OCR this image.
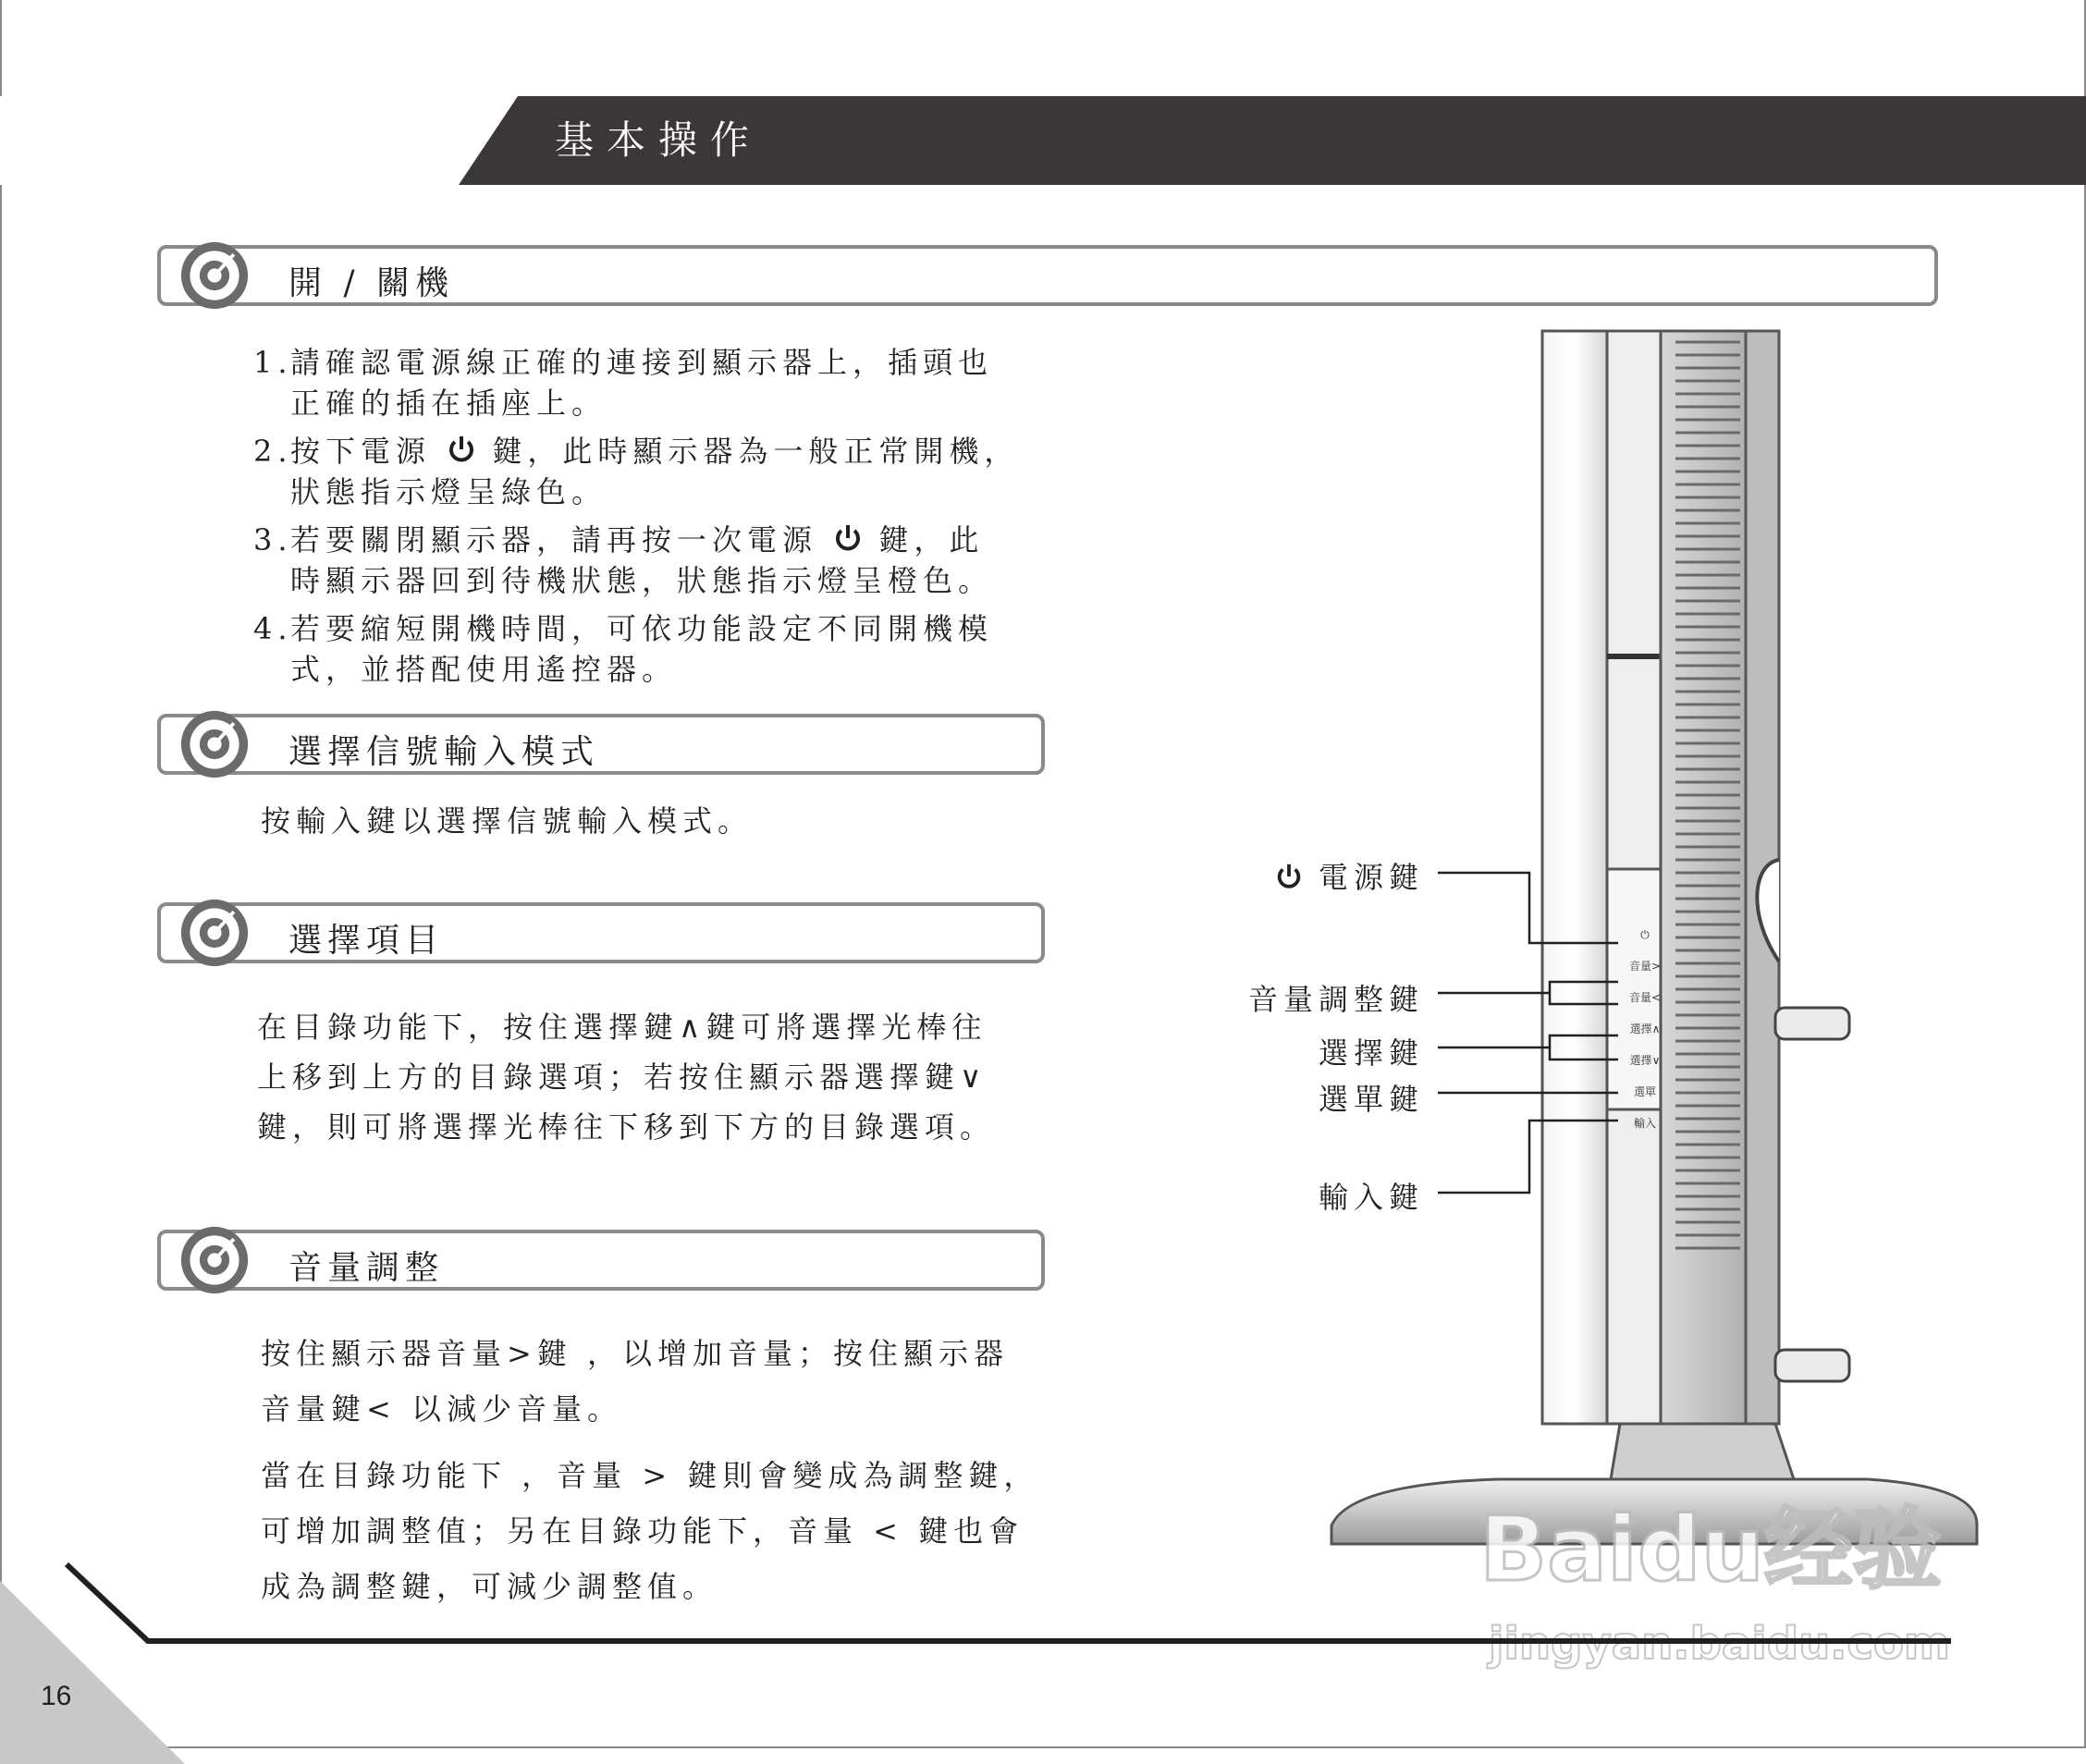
基本操作
開 / 關機
1.請確認電源線正確的連接到顯示器上，插頭也
正確的插在插座上。
2.按下電源  鍵，此時顯示器為一般正常開機，
狀態指示燈呈綠色。
3.若要關閉顯示器，請再按一次電源  鍵，此
時顯示器回到待機狀態，狀態指示燈呈橙色。
4.若要縮短開機時間，可依功能設定不同開機模
式，並搭配使用遙控器。
選擇信號輸入模式
按輸入鍵以選擇信號輸入模式。
選擇項目
在目錄功能下，按住選擇鍵∧鍵可將選擇光棒往
上移到上方的目錄選項；若按住顯示器選擇鍵∨
鍵，則可將選擇光棒往下移到下方的目錄選項。
音量調整
按住顯示器音量>鍵 ，以增加音量；按住顯示器
音量鍵< 以減少音量。
當在目錄功能下 ，音量 > 鍵則會變成為調整鍵，
可增加調整值；另在目錄功能下，音量 < 鍵也會
成為調整鍵，可減少調整值。
⏻
音量>
音量<
選擇∧
選擇∨
選單
輸入
電源鍵
音量調整鍵
選擇鍵
選單鍵
輸入鍵
Baidu经验
jingyan.baidu.com
16
